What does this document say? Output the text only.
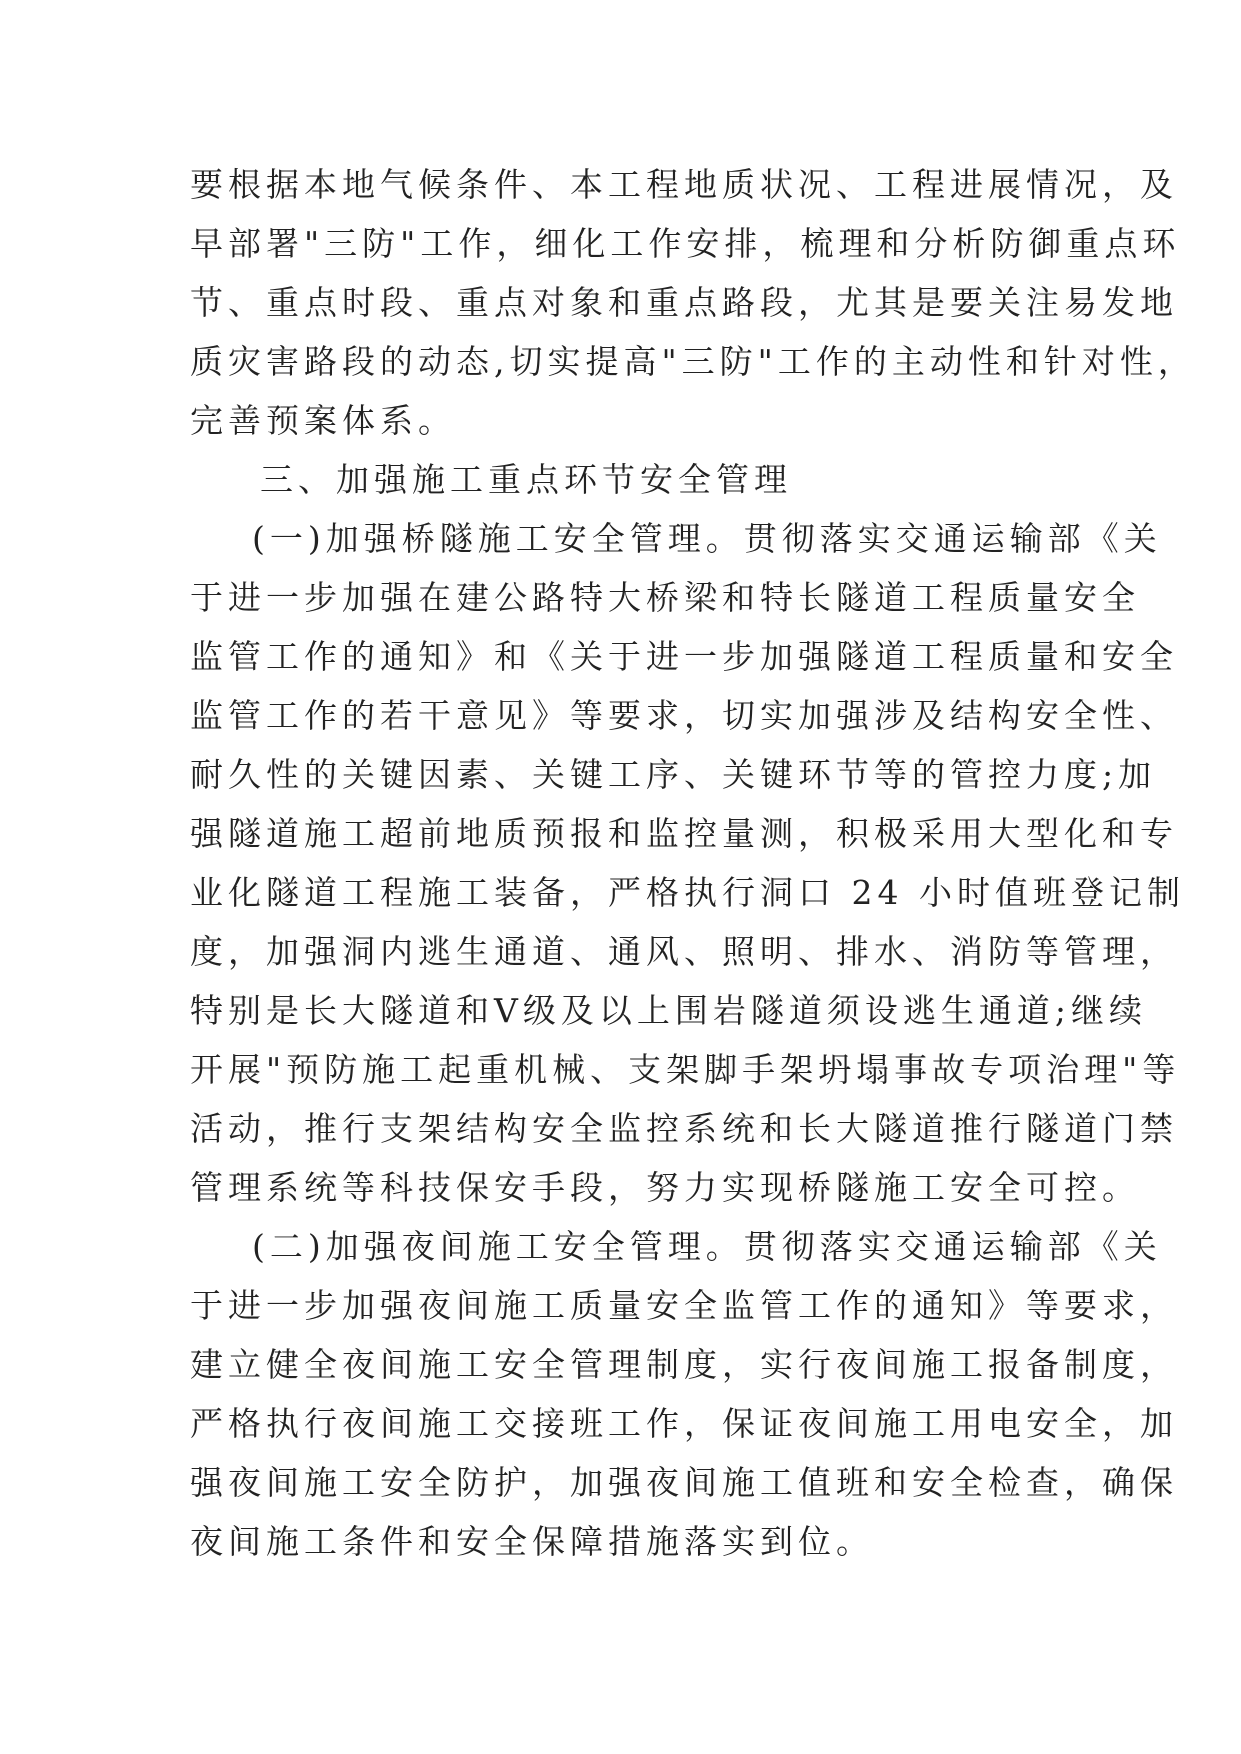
要根据本地气候条件、本工程地质状况、工程进展情况，及
早部署"三防"工作，细化工作安排，梳理和分析防御重点环
节、重点时段、重点对象和重点路段，尤其是要关注易发地
质灾害路段的动态,切实提高"三防"工作的主动性和针对性，
完善预案体系。
三、加强施工重点环节安全管理
(一)加强桥隧施工安全管理。贯彻落实交通运输部《关
于进一步加强在建公路特大桥梁和特长隧道工程质量安全
监管工作的通知》和《关于进一步加强隧道工程质量和安全
监管工作的若干意见》等要求，切实加强涉及结构安全性、
耐久性的关键因素、关键工序、关键环节等的管控力度;加
强隧道施工超前地质预报和监控量测，积极采用大型化和专
业化隧道工程施工装备，严格执行洞口 24 小时值班登记制
度，加强洞内逃生通道、通风、照明、排水、消防等管理，
特别是长大隧道和Ⅴ级及以上围岩隧道须设逃生通道;继续
开展"预防施工起重机械、支架脚手架坍塌事故专项治理"等
活动，推行支架结构安全监控系统和长大隧道推行隧道门禁
管理系统等科技保安手段，努力实现桥隧施工安全可控。
(二)加强夜间施工安全管理。贯彻落实交通运输部《关
于进一步加强夜间施工质量安全监管工作的通知》等要求，
建立健全夜间施工安全管理制度，实行夜间施工报备制度，
严格执行夜间施工交接班工作，保证夜间施工用电安全，加
强夜间施工安全防护，加强夜间施工值班和安全检查，确保
夜间施工条件和安全保障措施落实到位。
